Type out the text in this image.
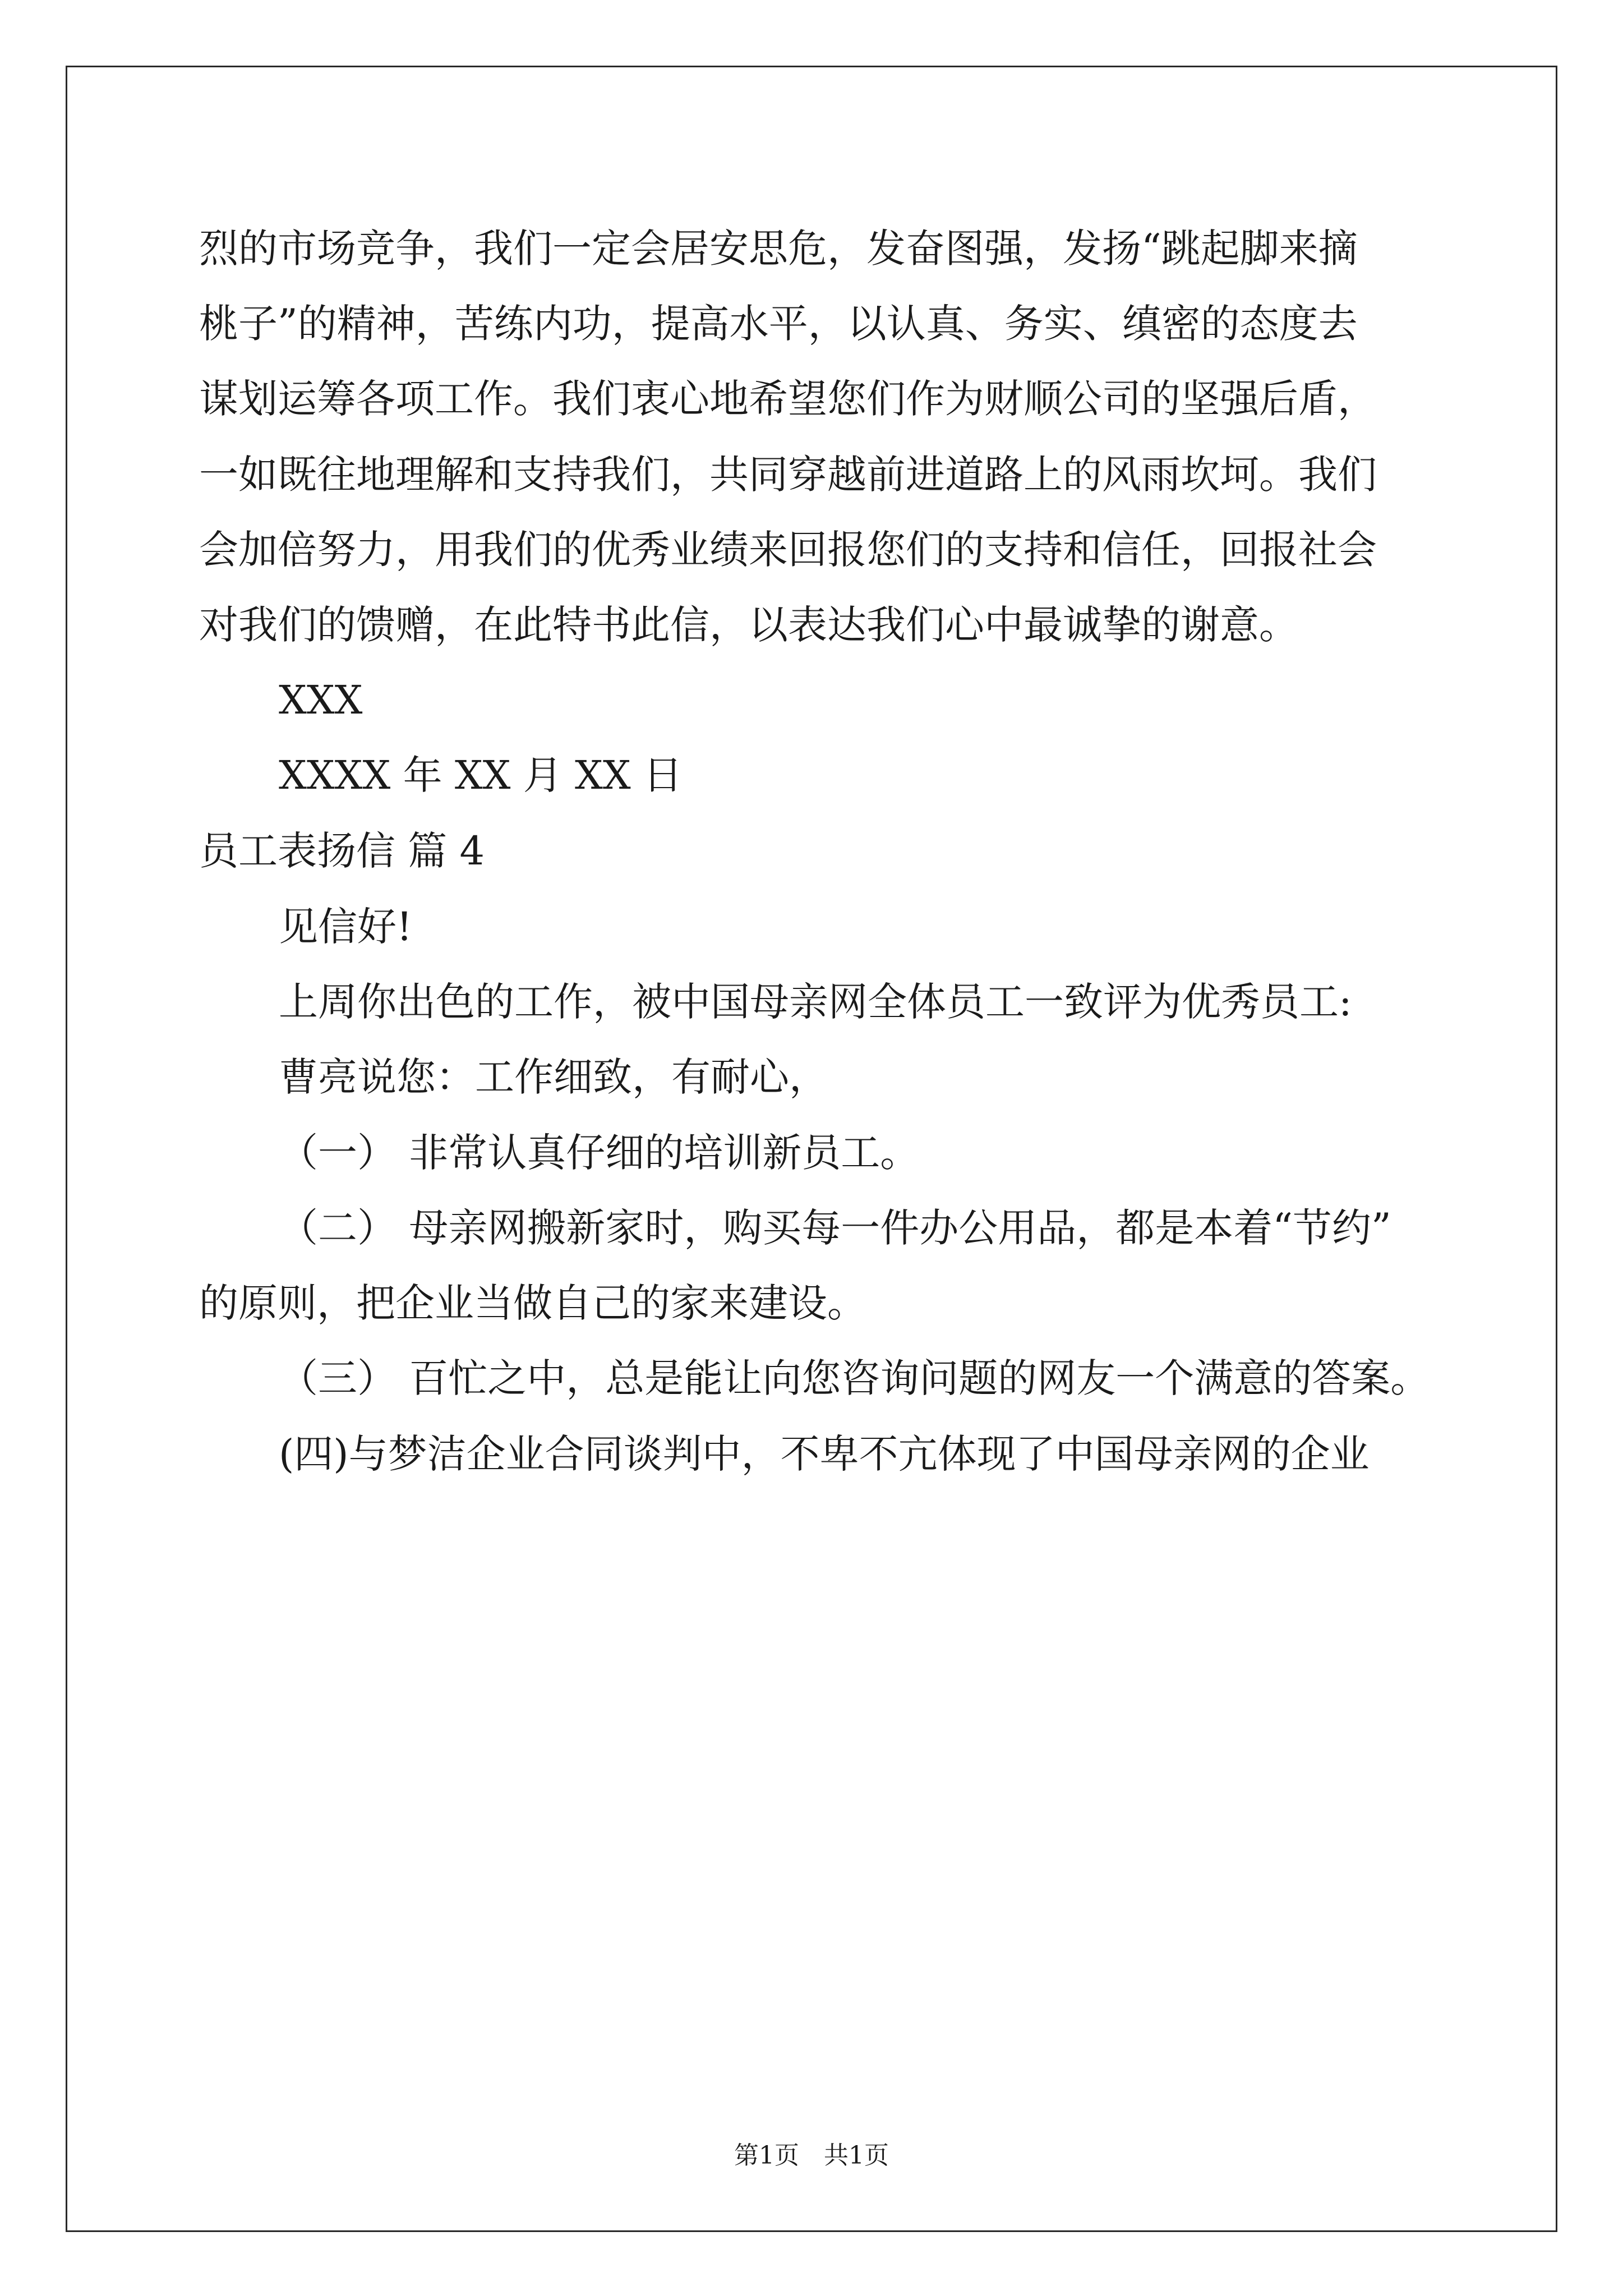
烈的市场竞争，我们一定会居安思危，发奋图强，发扬“跳起脚来摘
桃子”的精神，苦练内功，提高水平，以认真、务实、缜密的态度去
谋划运筹各项工作。我们衷心地希望您们作为财顺公司的坚强后盾，
一如既往地理解和支持我们，共同穿越前进道路上的风雨坎坷。我们
会加倍努力，用我们的优秀业绩来回报您们的支持和信任，回报社会
对我们的馈赠，在此特书此信，以表达我们心中最诚挚的谢意。
XXX
XXXX 年 XX 月 XX 日
员工表扬信 篇 4
见信好!
上周你出色的工作，被中国母亲网全体员工一致评为优秀员工:
曹亮说您：工作细致，有耐心，
（一） 非常认真仔细的培训新员工。
（二） 母亲网搬新家时，购买每一件办公用品，都是本着“节约”
的原则，把企业当做自己的家来建设。
（三） 百忙之中，总是能让向您咨询问题的网友一个满意的答案。
(四)与梦洁企业合同谈判中，不卑不亢体现了中国母亲网的企业
第1页　共1页
